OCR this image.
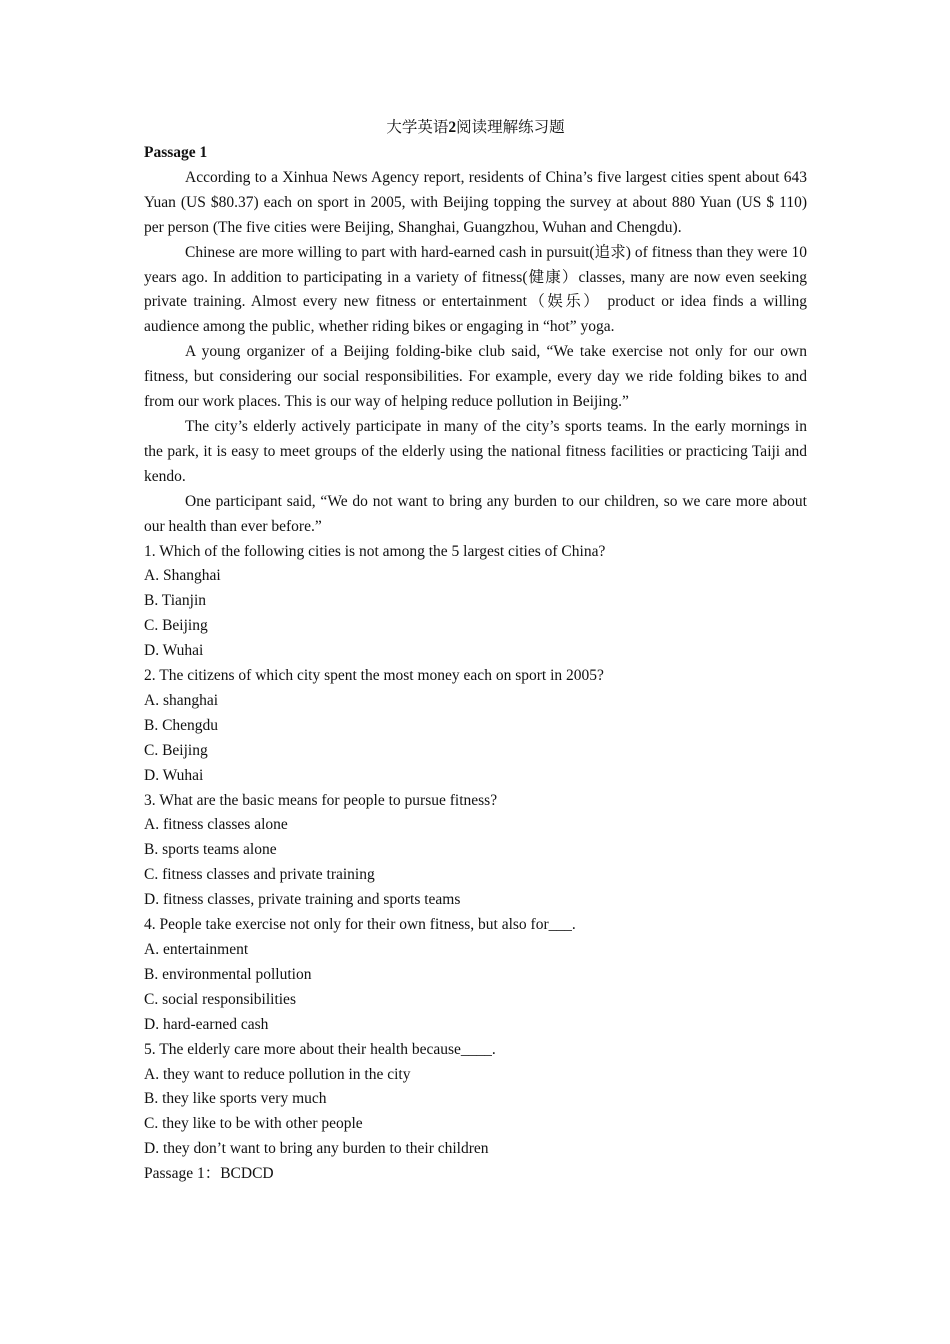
大学英语2阅读理解练习题

Passage 1

According to a Xinhua News Agency report, residents of China’s five largest cities spent about 643 Yuan (US $80.37) each on sport in 2005, with Beijing topping the survey at about 880 Yuan (US $ 110) per person (The five cities were Beijing, Shanghai, Guangzhou, Wuhan and Chengdu).

Chinese are more willing to part with hard-earned cash in pursuit(追求) of fitness than they were 10 years ago. In addition to participating in a variety of fitness(健康）classes, many are now even seeking private training. Almost every new fitness or entertainment（娱乐） product or idea finds a willing audience among the public, whether riding bikes or engaging in “hot” yoga.

A young organizer of a Beijing folding-bike club said, “We take exercise not only for our own fitness, but considering our social responsibilities. For example, every day we ride folding bikes to and from our work places. This is our way of helping reduce pollution in Beijing.”

The city’s elderly actively participate in many of the city’s sports teams. In the early mornings in the park, it is easy to meet groups of the elderly using the national fitness facilities or practicing Taiji and kendo.

One participant said, “We do not want to bring any burden to our children, so we care more about our health than ever before.”

1. Which of the following cities is not among the 5 largest cities of China?

A. Shanghai

B. Tianjin

C. Beijing

D. Wuhai

2. The citizens of which city spent the most money each on sport in 2005?

A. shanghai

B. Chengdu

C. Beijing

D. Wuhai

3. What are the basic means for people to pursue fitness?

A. fitness classes alone

B. sports teams alone

C. fitness classes and private training

D. fitness classes, private training and sports teams

4. People take exercise not only for their own fitness, but also for___.

A. entertainment

B. environmental pollution

C. social responsibilities

D. hard-earned cash

5. The elderly care more about their health because____.

A. they want to reduce pollution in the city

B. they like sports very much

C. they like to be with other people

D. they don’t want to bring any burden to their children

Passage 1：BCDCD
